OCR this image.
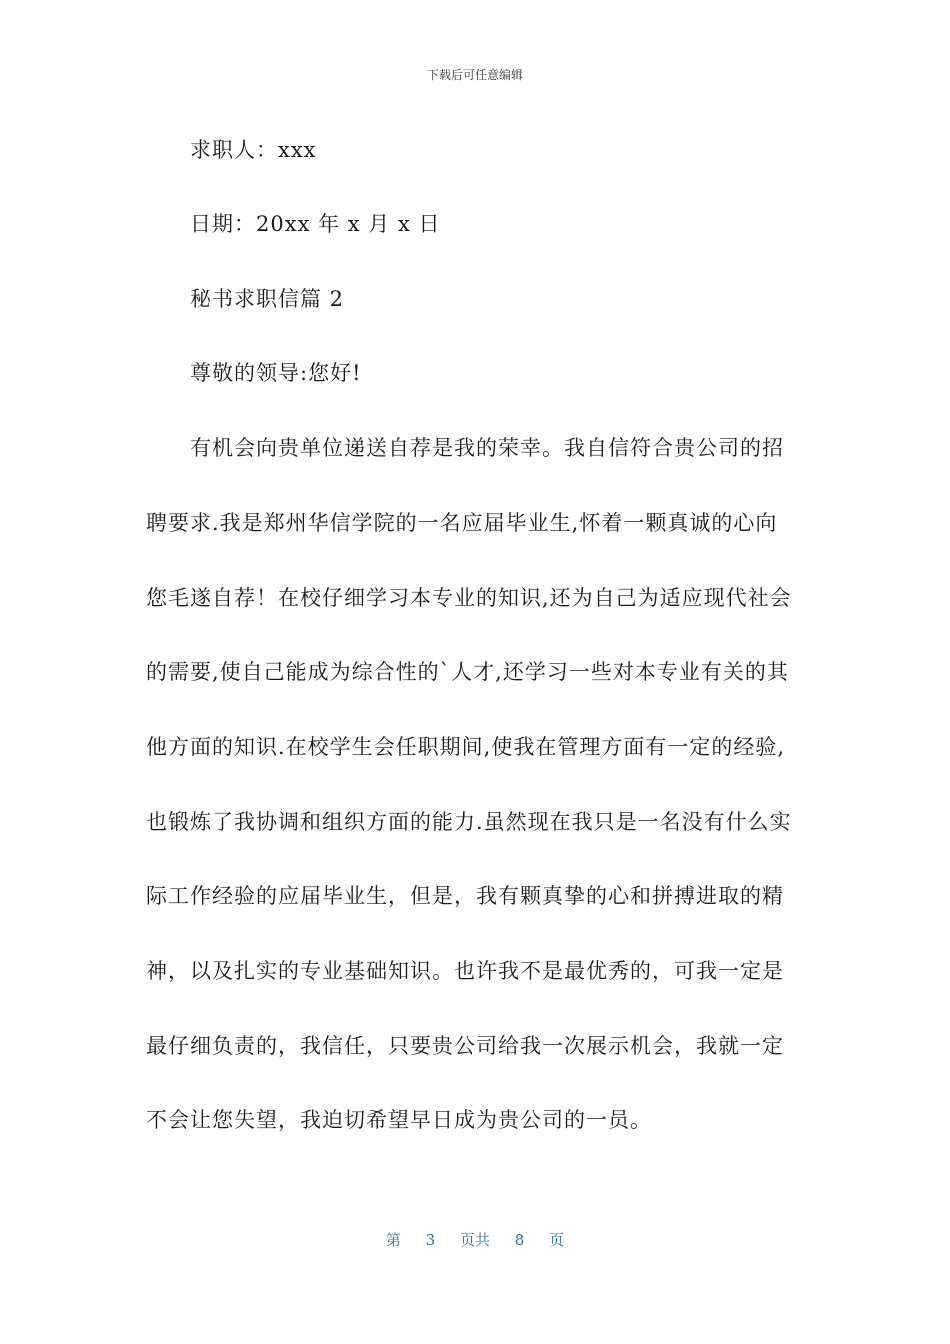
下载后可任意编辑
求职人：xxx
日期：20xx 年 x 月 x 日
秘书求职信篇 2
尊敬的领导:您好!
有机会向贵单位递送自荐是我的荣幸。我自信符合贵公司的招
聘要求.我是郑州华信学院的一名应届毕业生,怀着一颗真诚的心向
您毛遂自荐！在校仔细学习本专业的知识,还为自己为适应现代社会
的需要,使自己能成为综合性的`人才,还学习一些对本专业有关的其
他方面的知识.在校学生会任职期间,使我在管理方面有一定的经验,
也锻炼了我协调和组织方面的能力.虽然现在我只是一名没有什么实
际工作经验的应届毕业生，但是，我有颗真挚的心和拼搏进取的精
神，以及扎实的专业基础知识。也许我不是最优秀的，可我一定是
最仔细负责的，我信任，只要贵公司给我一次展示机会，我就一定
不会让您失望，我迫切希望早日成为贵公司的一员。
第 3 页共 8 页
